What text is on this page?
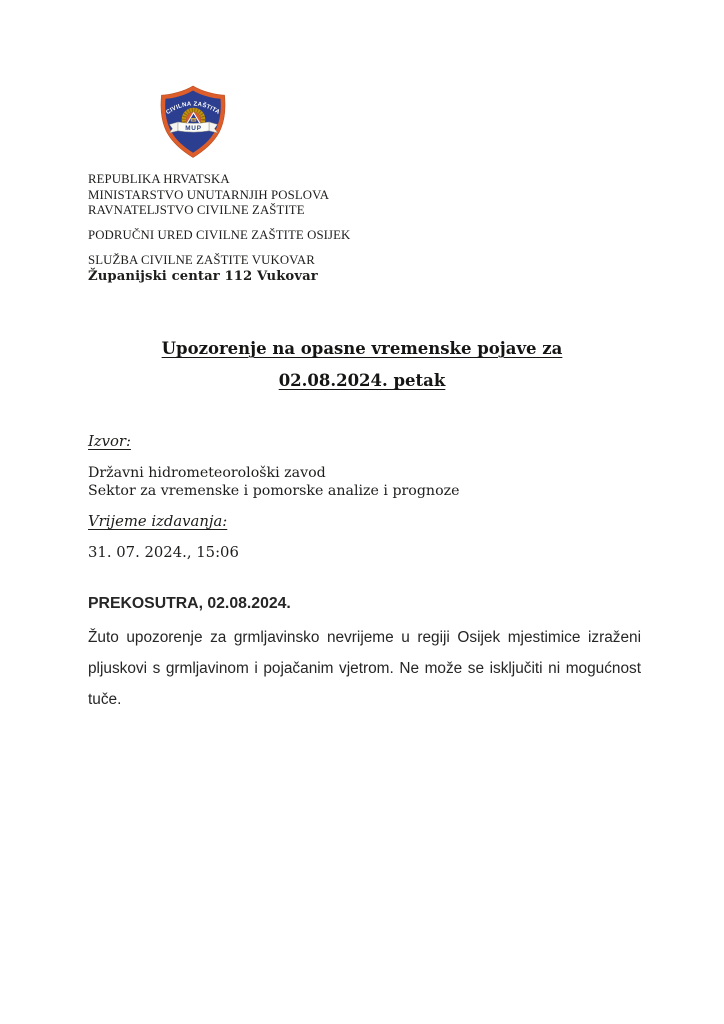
CIVILNA ZAŠTITA
112
MUP
REPUBLIKA HRVATSKA
MINISTARSTVO UNUTARNJIH POSLOVA
RAVNATELJSTVO CIVILNE ZAŠTITE
PODRUČNI URED CIVILNE ZAŠTITE OSIJEK
SLUŽBA CIVILNE ZAŠTITE VUKOVAR
Županijski centar 112 Vukovar
Upozorenje na opasne vremenske pojave za
02.08.2024. petak
Izvor:
Državni hidrometeorološki zavod
Sektor za vremenske i pomorske analize i prognoze
Vrijeme izdavanja:
31. 07. 2024., 15:06
PREKOSUTRA, 02.08.2024.
Žuto upozorenje za grmljavinsko nevrijeme u regiji Osijek mjestimice izraženi pljuskovi s grmljavinom i pojačanim vjetrom. Ne može se isključiti ni mogućnost tuče.
